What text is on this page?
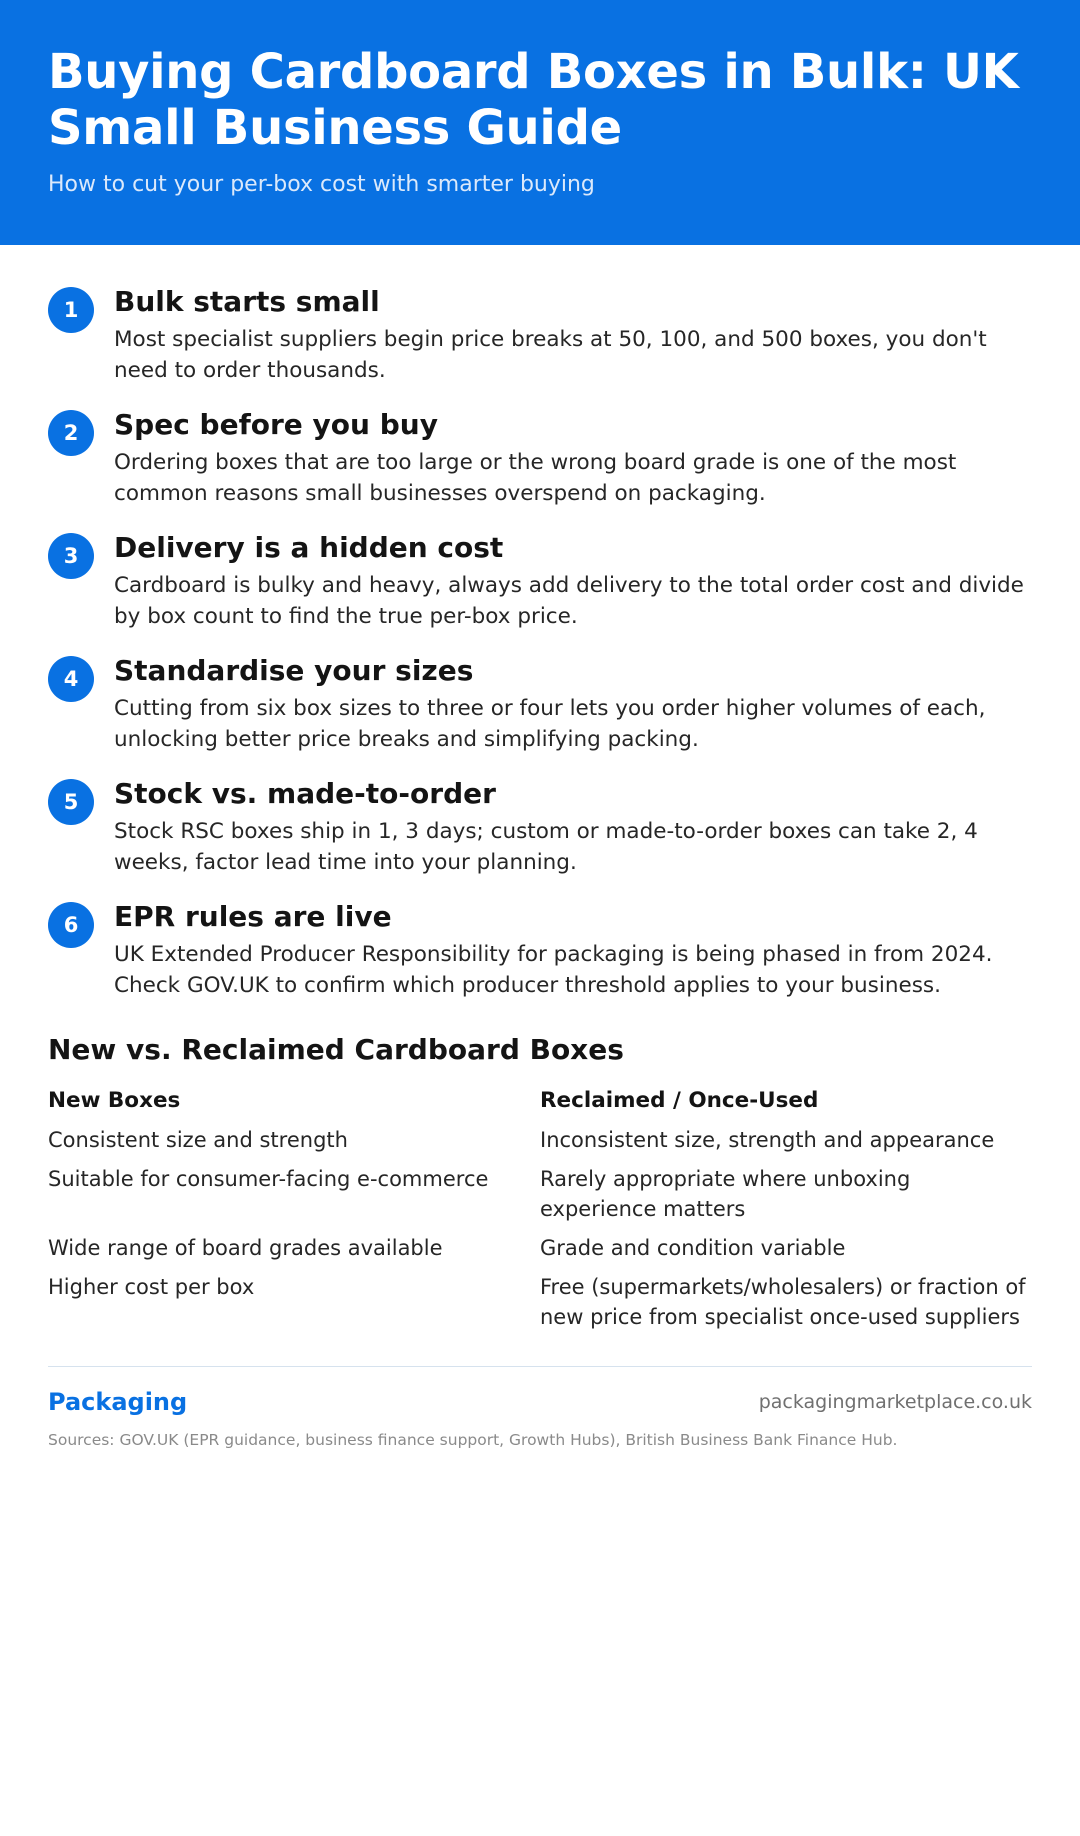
Buying Cardboard Boxes in Bulk: UK
Small Business Guide
How to cut your per-box cost with smarter buying
1	Bulk starts small

Most specialist suppliers begin price breaks at 50, 100, and 500 boxes, you don't need to order thousands.

2	Spec before you buy

Ordering boxes that are too large or the wrong board grade is one of the most common reasons small businesses overspend on packaging.

3	Delivery is a hidden cost

Cardboard is bulky and heavy, always add delivery to the total order cost and divide by box count to find the true per-box price.

4	Standardise your sizes

Cutting from six box sizes to three or four lets you order higher volumes of each, unlocking better price breaks and simplifying packing.

5	Stock vs. made-to-order

Stock RSC boxes ship in 1, 3 days; custom or made-to-order boxes can take 2, 4 weeks, factor lead time into your planning.

6	EPR rules are live

UK Extended Producer Responsibility for packaging is being phased in from 2024. Check GOV.UK to confirm which producer threshold applies to your business.

New vs. Reclaimed Cardboard Boxes
New Boxes	Reclaimed / Once-Used
Consistent size and strength	Inconsistent size, strength and appearance
Suitable for consumer-facing e-commerce	Rarely appropriate where unboxing experience matters
Wide range of board grades available	Grade and condition variable
Higher cost per box	Free (supermarkets/wholesalers) or fraction of new price from specialist once-used suppliers
Packaging	packagingmarketplace.co.uk
Sources: GOV.UK (EPR guidance, business finance support, Growth Hubs), British Business Bank Finance Hub.
